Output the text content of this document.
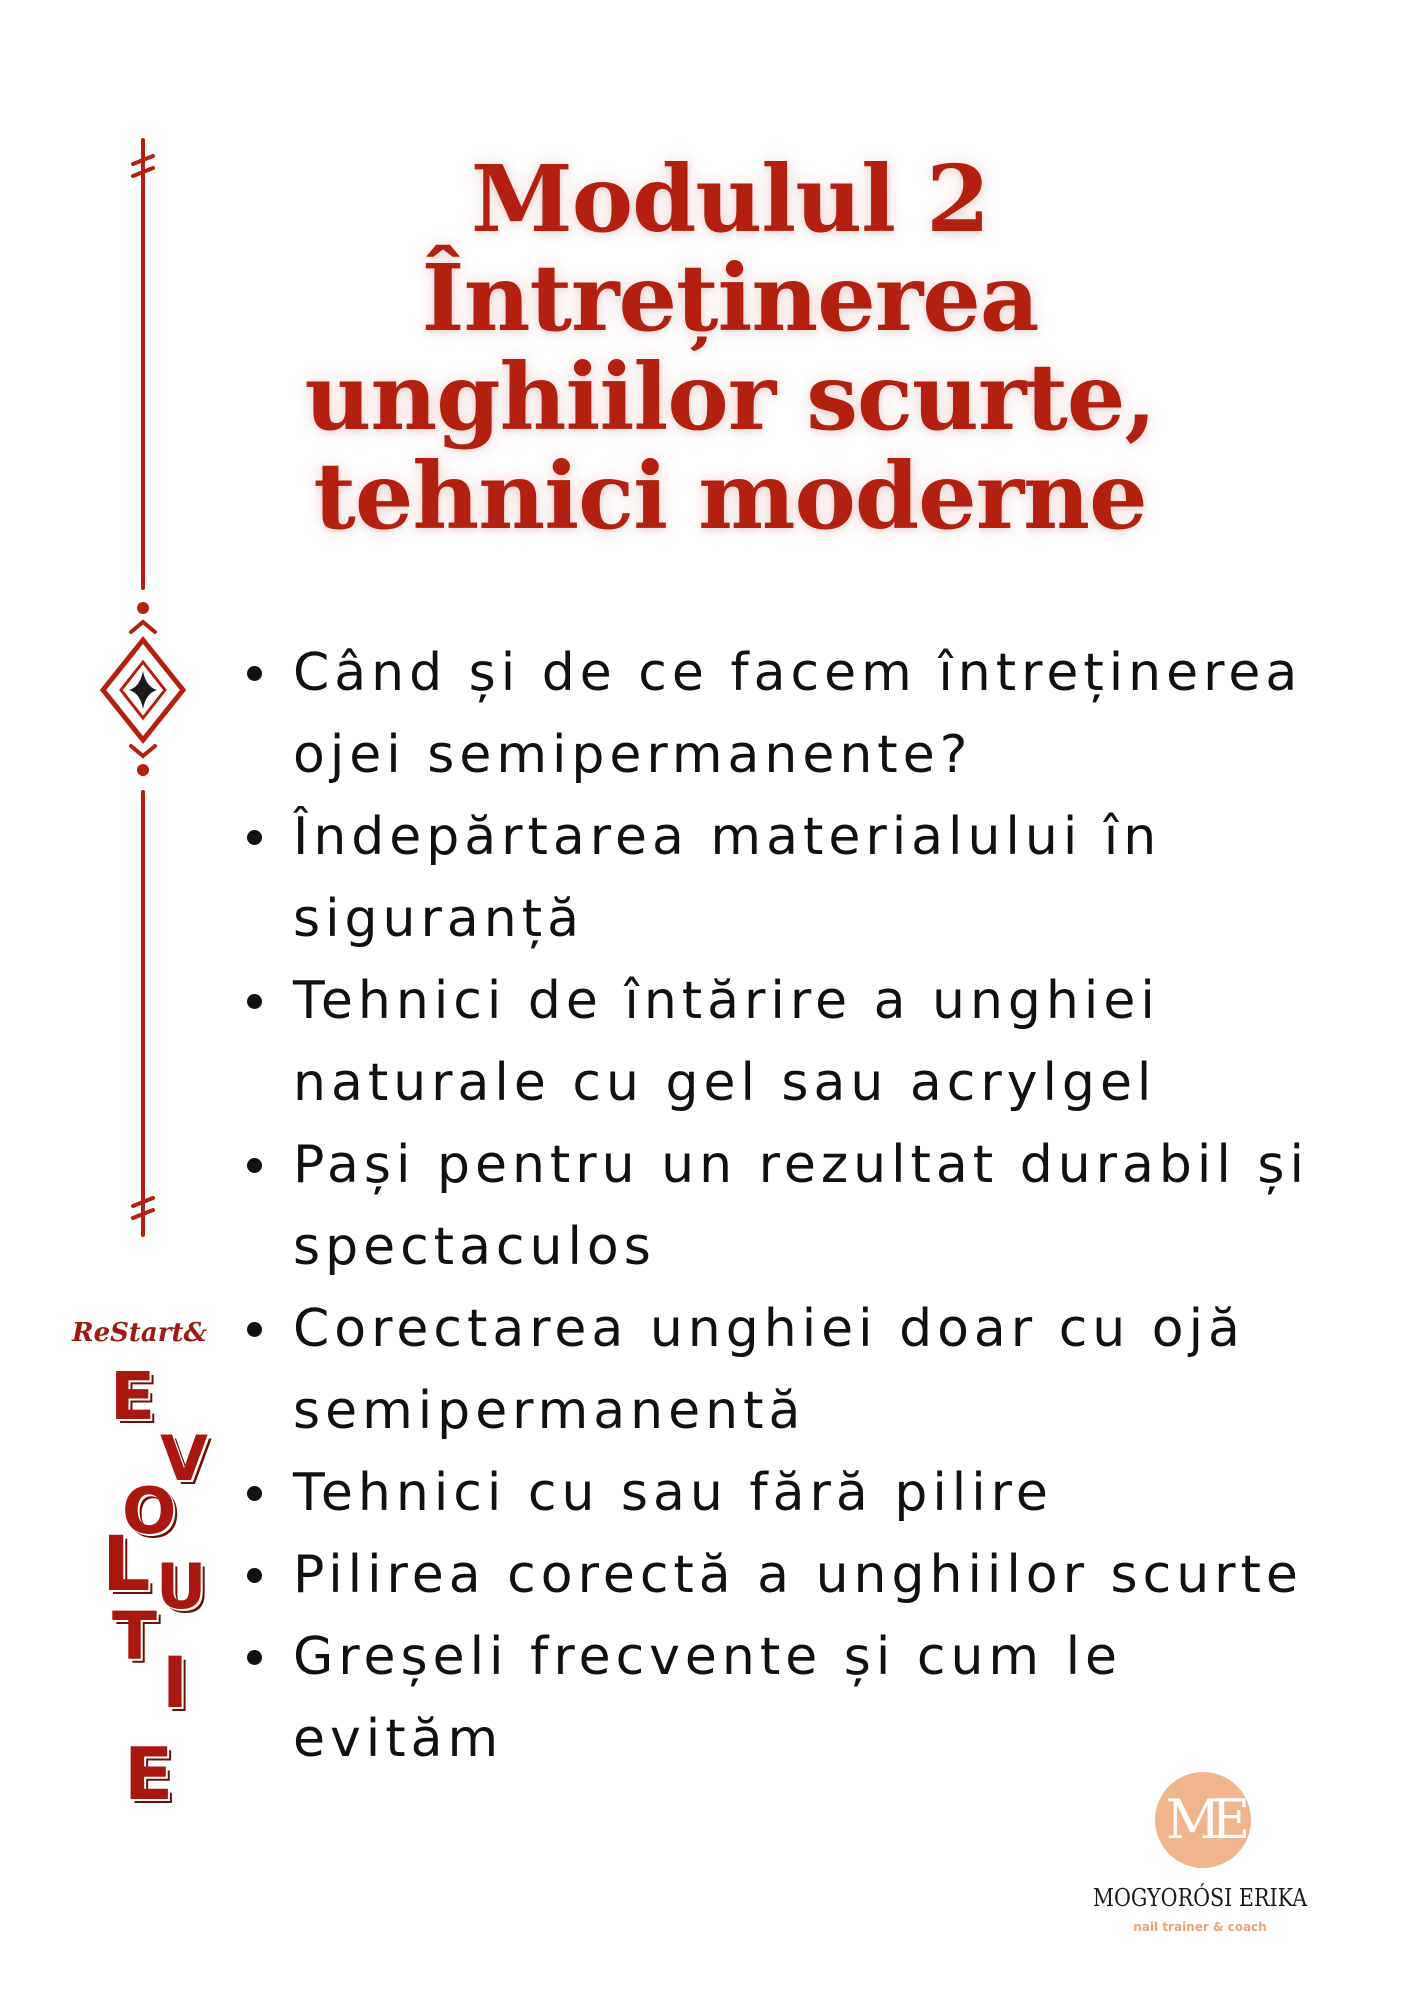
Modulul 2
Întreținerea
unghiilor scurte,
tehnici moderne
Când și de ce facem întreținerea
ojei semipermanente?
Îndepărtarea materialului în
siguranță
Tehnici de întărire a unghiei
naturale cu gel sau acrylgel
Pași pentru un rezultat durabil și
spectaculos
Corectarea unghiei doar cu ojă
semipermanentă
Tehnici cu sau fără pilire
Pilirea corectă a unghiilor scurte
Greșeli frecvente și cum le
evităm
ReStart&
E
V
O
L U
T
I
E
ME
MOGYORÓSI ERIKA
nail trainer & coach
